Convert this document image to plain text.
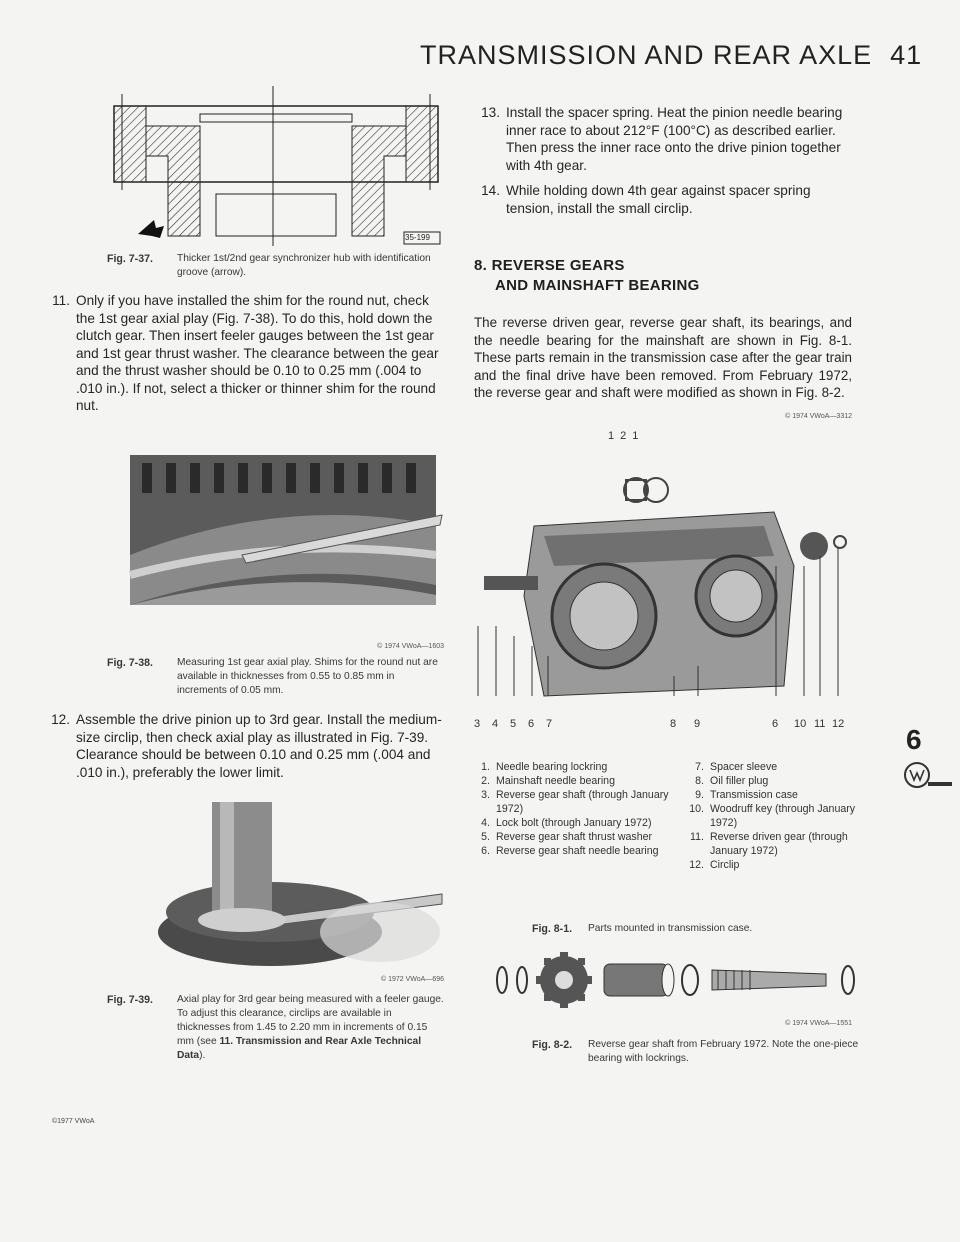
TRANSMISSION AND REAR AXLE 41
35-199
Fig. 7-37. Thicker 1st/2nd gear synchronizer hub with identification groove (arrow).
11. Only if you have installed the shim for the round nut, check the 1st gear axial play (Fig. 7-38). To do this, hold down the clutch gear. Then insert feeler gauges between the 1st gear and 1st gear thrust washer. The clearance between the gear and the thrust washer should be 0.10 to 0.25 mm (.004 to .010 in.). If not, select a thicker or thinner shim for the round nut.
© 1974 VWoA—1603
Fig. 7-38. Measuring 1st gear axial play. Shims for the round nut are available in thicknesses from 0.55 to 0.85 mm in increments of 0.05 mm.
12. Assemble the drive pinion up to 3rd gear. Install the medium-size circlip, then check axial play as illustrated in Fig. 7-39. Clearance should be between 0.10 and 0.25 mm (.004 and .010 in.), preferably the lower limit.
© 1972 VWoA—696
Fig. 7-39. Axial play for 3rd gear being measured with a feeler gauge. To adjust this clearance, circlips are available in thicknesses from 1.45 to 2.20 mm in increments of 0.15 mm (see 11. Transmission and Rear Axle Technical Data).
©1977 VWoA
13. Install the spacer spring. Heat the pinion needle bearing inner race to about 212°F (100°C) as described earlier. Then press the inner race onto the drive pinion together with 4th gear.
14. While holding down 4th gear against spacer spring tension, install the small circlip.
8. REVERSE GEARS
AND MAINSHAFT BEARING
The reverse driven gear, reverse gear shaft, its bearings, and the needle bearing for the mainshaft are shown in Fig. 8-1. These parts remain in the transmission case after the gear train and the final drive have been removed. From February 1972, the reverse gear and shaft were modified as shown in Fig. 8-2.
© 1974 VWoA—3312
121
3 4 5 6 7	8 9	6 10 11 12
1. Needle bearing lockring
2. Mainshaft needle bearing
3. Reverse gear shaft (through January 1972)
4. Lock bolt (through January 1972)
5. Reverse gear shaft thrust washer
6. Reverse gear shaft needle bearing
7. Spacer sleeve
8. Oil filler plug
9. Transmission case
10. Woodruff key (through January 1972)
11. Reverse driven gear (through January 1972)
12. Circlip
Fig. 8-1. Parts mounted in transmission case.
© 1974 VWoA—1551
Fig. 8-2. Reverse gear shaft from February 1972. Note the one-piece bearing with lockrings.
6
